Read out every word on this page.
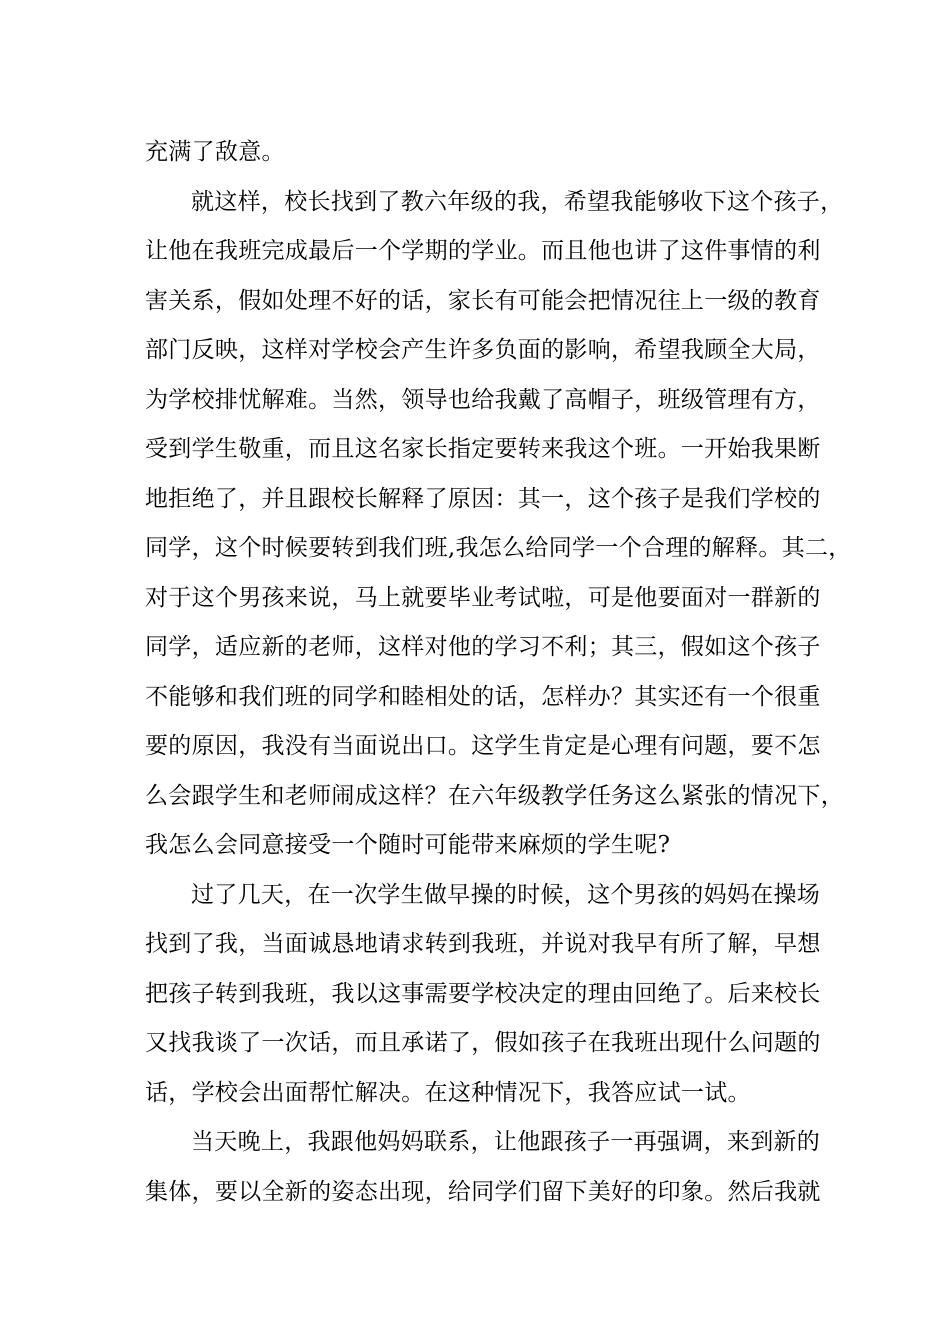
充满了敌意。
就这样，校长找到了教六年级的我，希望我能够收下这个孩子，
让他在我班完成最后一个学期的学业。而且他也讲了这件事情的利
害关系，假如处理不好的话，家长有可能会把情况往上一级的教育
部门反映，这样对学校会产生许多负面的影响，希望我顾全大局，
为学校排忧解难。当然，领导也给我戴了高帽子，班级管理有方，
受到学生敬重，而且这名家长指定要转来我这个班。一开始我果断
地拒绝了，并且跟校长解释了原因：其一，这个孩子是我们学校的
同学，这个时候要转到我们班,我怎么给同学一个合理的解释。其二，
对于这个男孩来说，马上就要毕业考试啦，可是他要面对一群新的
同学，适应新的老师，这样对他的学习不利；其三，假如这个孩子
不能够和我们班的同学和睦相处的话，怎样办？其实还有一个很重
要的原因，我没有当面说出口。这学生肯定是心理有问题，要不怎
么会跟学生和老师闹成这样？在六年级教学任务这么紧张的情况下，
我怎么会同意接受一个随时可能带来麻烦的学生呢?
过了几天，在一次学生做早操的时候，这个男孩的妈妈在操场
找到了我，当面诚恳地请求转到我班，并说对我早有所了解，早想
把孩子转到我班，我以这事需要学校决定的理由回绝了。后来校长
又找我谈了一次话，而且承诺了，假如孩子在我班出现什么问题的
话，学校会出面帮忙解决。在这种情况下，我答应试一试。
当天晚上，我跟他妈妈联系，让他跟孩子一再强调，来到新的
集体，要以全新的姿态出现，给同学们留下美好的印象。然后我就
